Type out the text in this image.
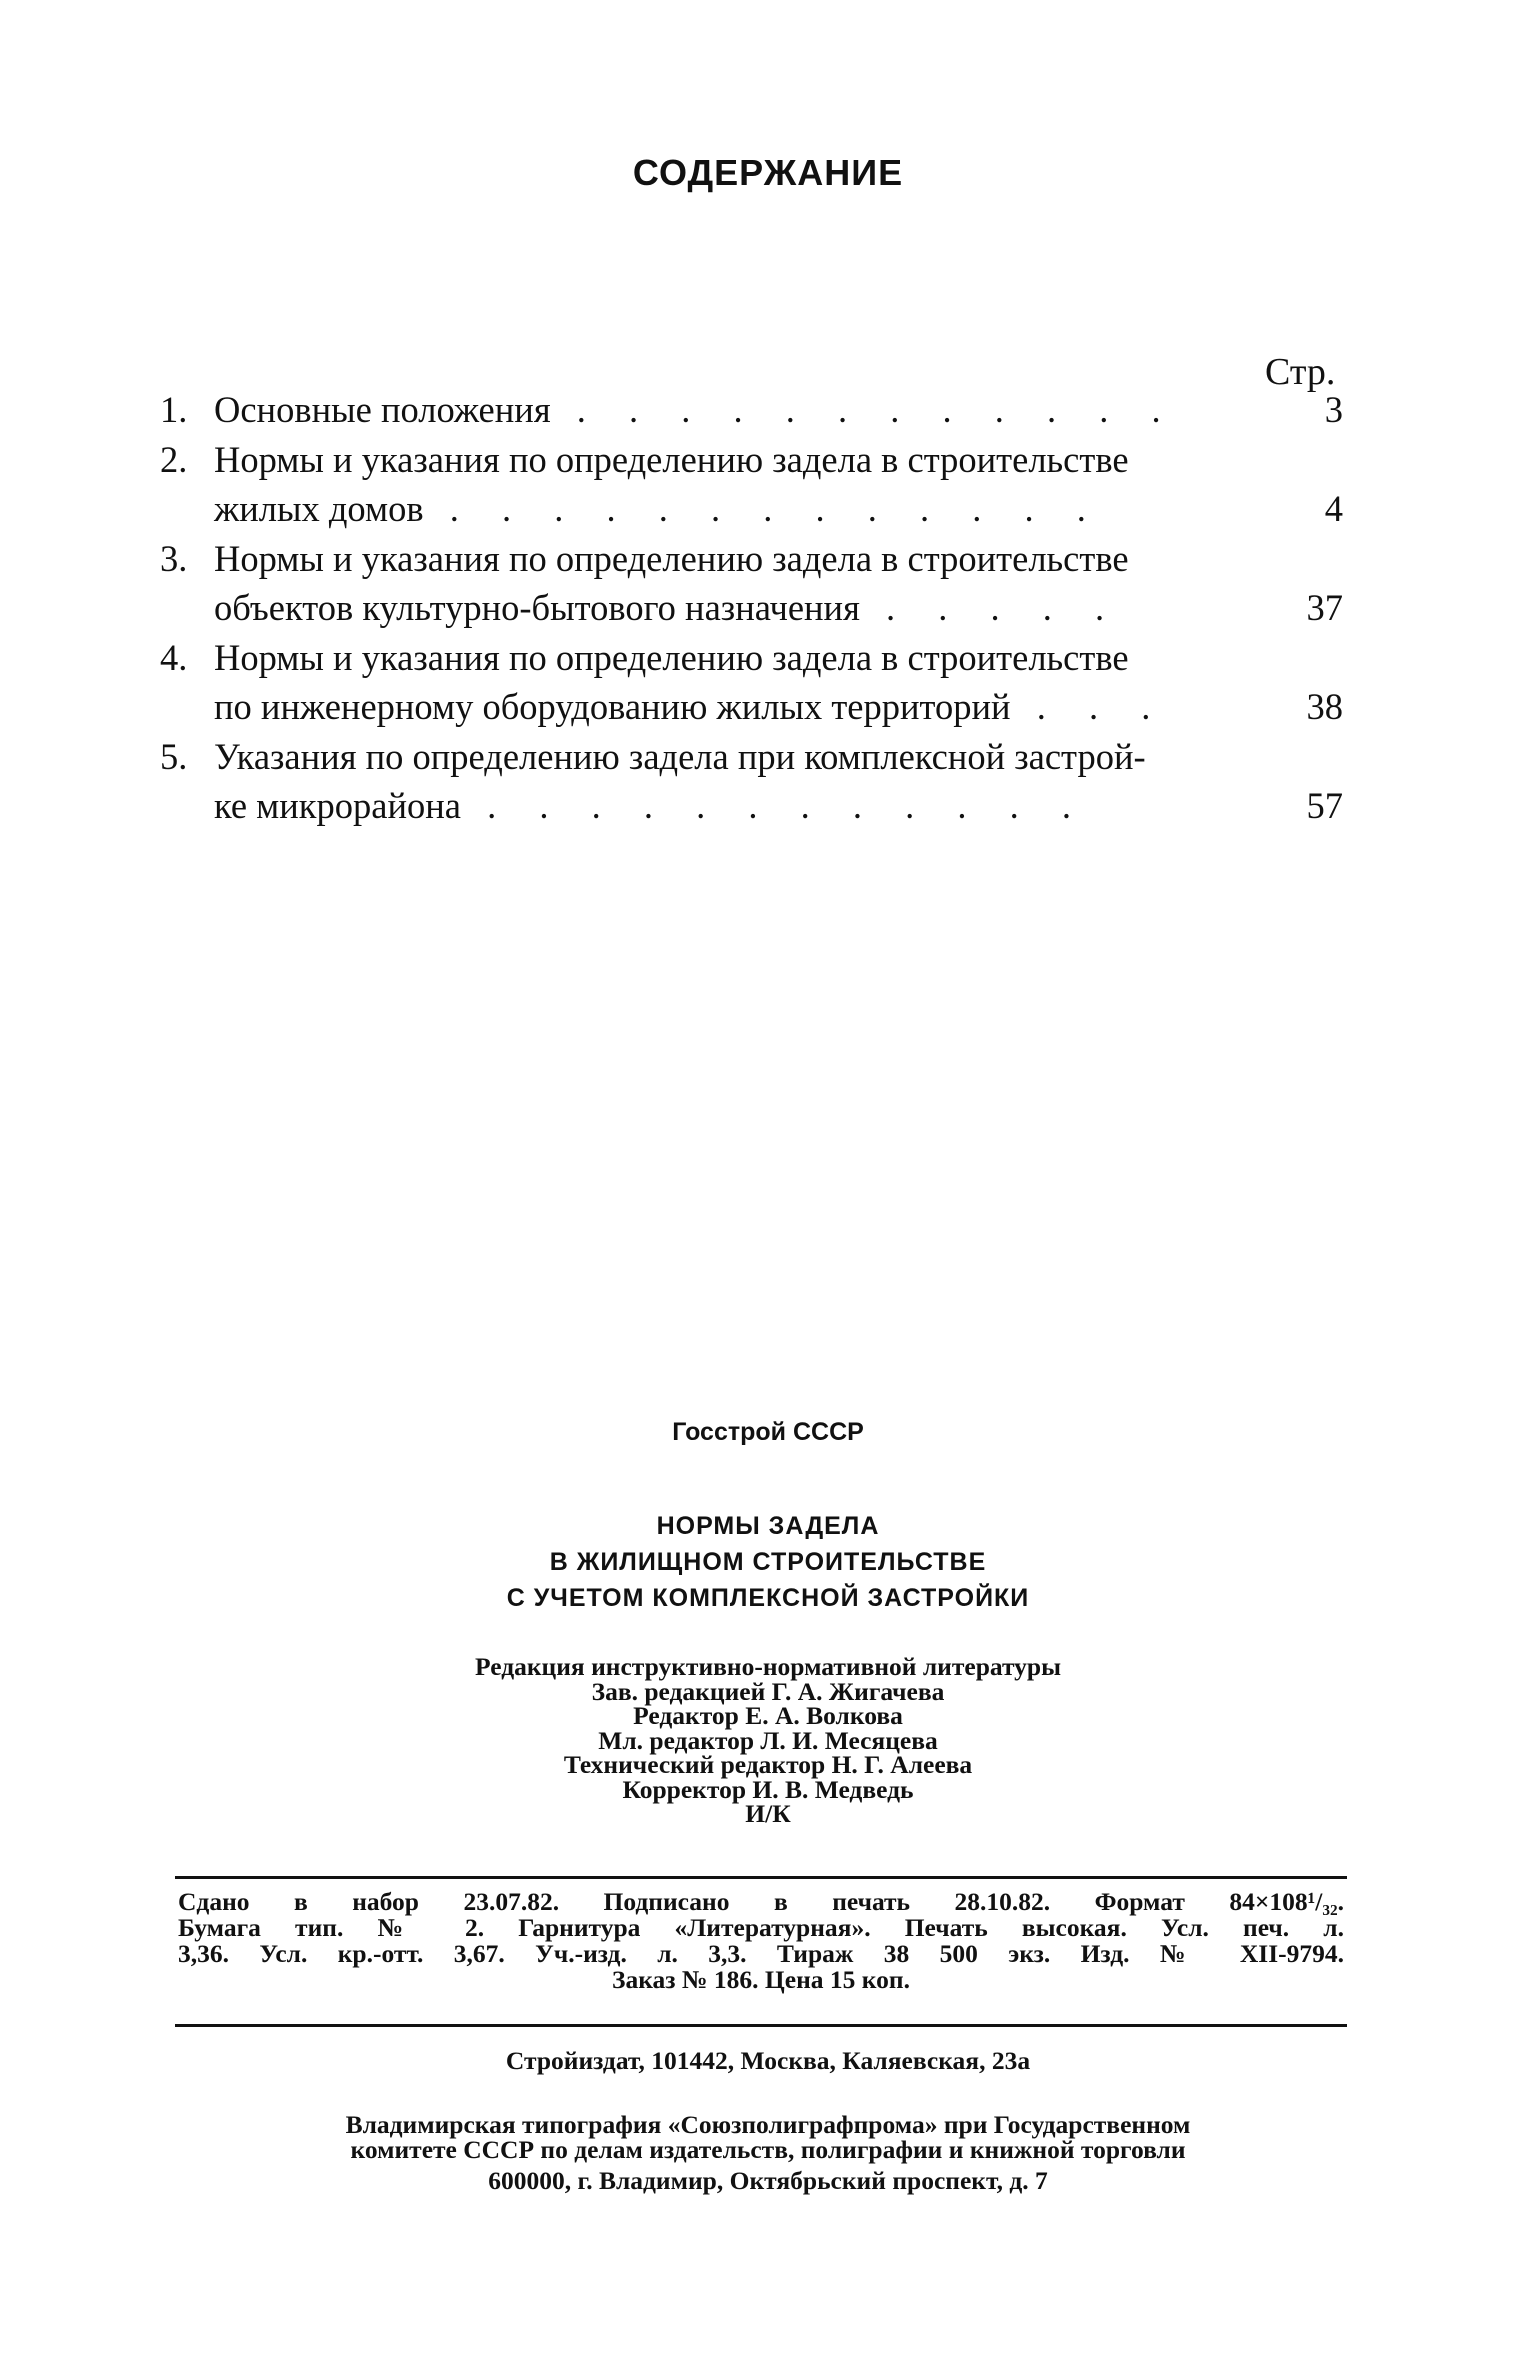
СОДЕРЖАНИЕ
Стр.
1. Основные положения . . . . . . . . . . . .	3
2. Нормы и указания по определению задела в строительстве
жилых домов . . . . . . . . . . . . .	4
3. Нормы и указания по определению задела в строительстве
объектов культурно-бытового назначения . . . . .	37
4. Нормы и указания по определению задела в строительстве
по инженерному оборудованию жилых территорий . . .	38
5. Указания по определению задела при комплексной застрой-
ке микрорайона . . . . . . . . . . . .	57
Госстрой СССР
НОРМЫ ЗАДЕЛА
В ЖИЛИЩНОМ СТРОИТЕЛЬСТВЕ
С УЧЕТОМ КОМПЛЕКСНОЙ ЗАСТРОЙКИ
Редакция инструктивно-нормативной литературы
Зав. редакцией Г. А. Жигачева
Редактор Е. А. Волкова
Мл. редактор Л. И. Месяцева
Технический редактор Н. Г. Алеева
Корректор И. В. Медведь
И/К
Сдано в набор 23.07.82. Подписано в печать 28.10.82. Формат 84×108¹/₃₂.
Бумага тип. № 2. Гарнитура «Литературная». Печать высокая. Усл. печ. л.
3,36. Усл. кр.-отт. 3,67. Уч.-изд. л. 3,3. Тираж 38 500 экз. Изд. № XII-9794.
Заказ № 186. Цена 15 коп.
Стройиздат, 101442, Москва, Каляевская, 23а
Владимирская типография «Союзполиграфпрома» при Государственном
комитете СССР по делам издательств, полиграфии и книжной торговли
600000, г. Владимир, Октябрьский проспект, д. 7
